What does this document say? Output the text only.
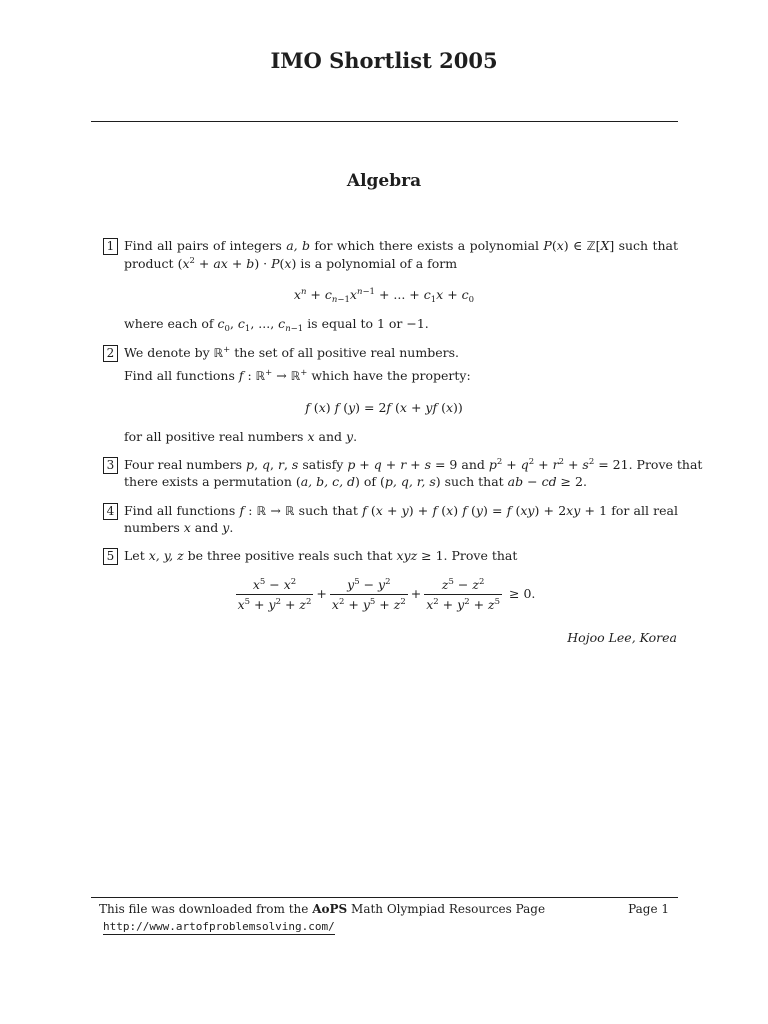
IMO Shortlist 2005
Algebra
1 Find all pairs of integers a, b for which there exists a polynomial P(x) ∈ ℤ[X] such that
product ($x^2$ + ax + b) · P(x) is a polynomial of a form
$x^n + c_{n-1}x^{n-1}$ + ... + $c_1x + c_0$
where each of $c_0$, $c_1$, ..., $c_{n-1}$ is equal to 1 or −1.
2 We denote by ℝ+ the set of all positive real numbers.
Find all functions f : ℝ+ → ℝ+ which have the property:
f (x) f (y) = 2f (x + yf (x))
for all positive real numbers x and y.
3 Four real numbers p, q, r, s satisfy p + q + r + s = 9 and $p^2 + q^2 + r^2 + s^2 = 21$. Prove that
there exists a permutation (a, b, c, d) of (p, q, r, s) such that ab − cd ≥ 2.
4 Find all functions f : ℝ → ℝ such that f (x + y) + f (x) f (y) = f (xy) + 2xy + 1 for all real
numbers x and y.
5 Let x, y, z be three positive reals such that xyz ≥ 1. Prove that
$\frac{x^5 - x^2}{x^5 + y^2 + z^2} + \frac{y^5 - y^2}{x^2 + y^5 + z^2} + \frac{z^5 - z^2}{x^2 + y^2 + z^5} \ge 0$.
Hojoo Lee, Korea
This file was downloaded from the AoPS Math Olympiad Resources Page	Page 1
http://www.artofproblemsolving.com/
